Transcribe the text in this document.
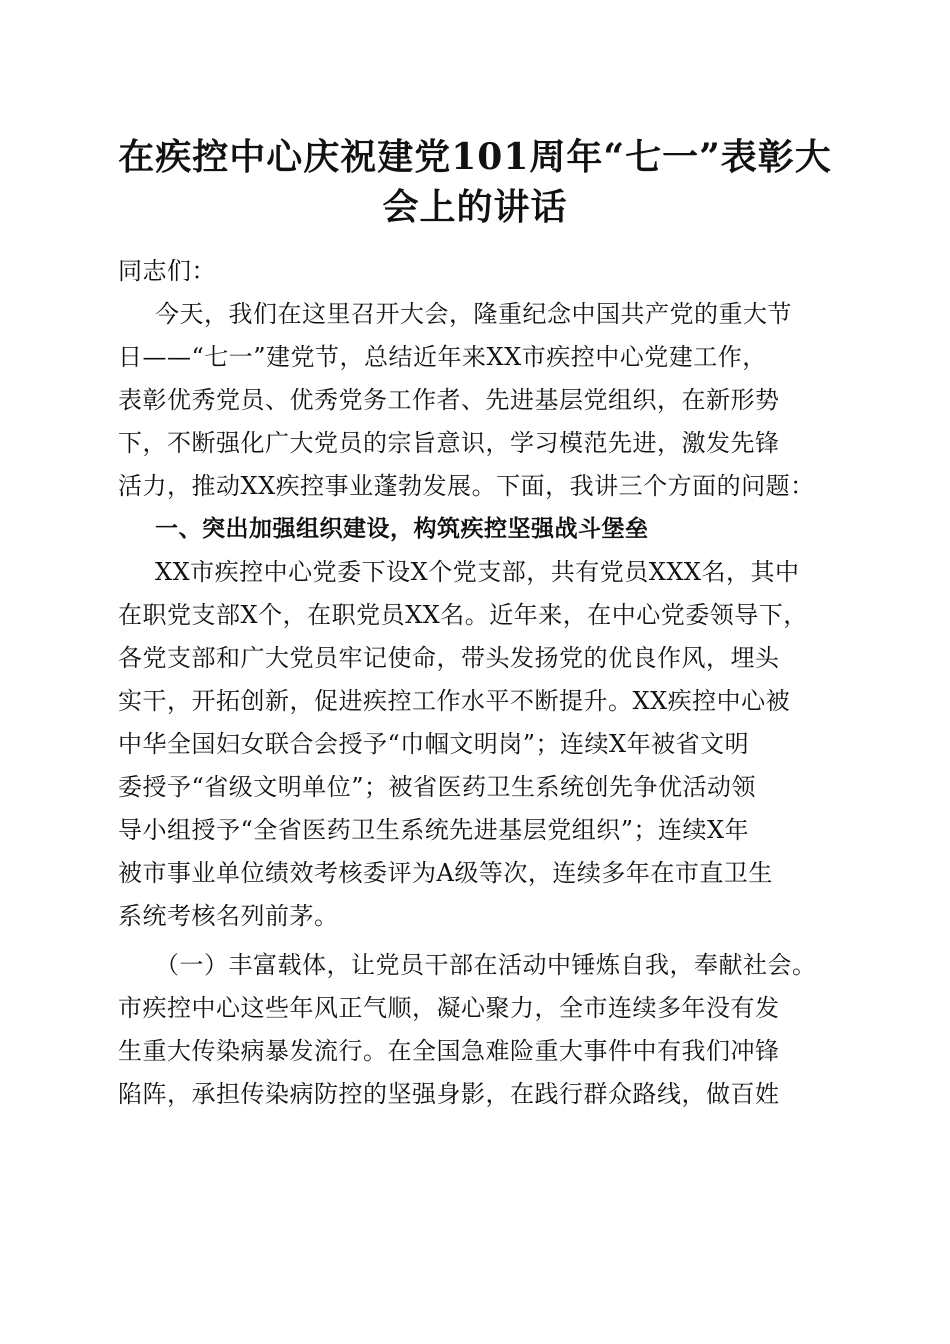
在疾控中心庆祝建党101周年“七一”表彰大
会上的讲话
同志们：
今天，我们在这里召开大会，隆重纪念中国共产党的重大节
日——“七一”建党节，总结近年来XX市疾控中心党建工作，
表彰优秀党员、优秀党务工作者、先进基层党组织，在新形势
下，不断强化广大党员的宗旨意识，学习模范先进，激发先锋
活力，推动XX疾控事业蓬勃发展。下面，我讲三个方面的问题：
一、突出加强组织建设，构筑疾控坚强战斗堡垒
XX市疾控中心党委下设X个党支部，共有党员XXX名，其中
在职党支部X个，在职党员XX名。近年来，在中心党委领导下，
各党支部和广大党员牢记使命，带头发扬党的优良作风，埋头
实干，开拓创新，促进疾控工作水平不断提升。XX疾控中心被
中华全国妇女联合会授予“巾帼文明岗”；连续X年被省文明
委授予“省级文明单位”；被省医药卫生系统创先争优活动领
导小组授予“全省医药卫生系统先进基层党组织”；连续X年
被市事业单位绩效考核委评为A级等次，连续多年在市直卫生
系统考核名列前茅。
（一）丰富载体，让党员干部在活动中锤炼自我，奉献社会。
市疾控中心这些年风正气顺，凝心聚力，全市连续多年没有发
生重大传染病暴发流行。在全国急难险重大事件中有我们冲锋
陷阵，承担传染病防控的坚强身影，在践行群众路线，做百姓
